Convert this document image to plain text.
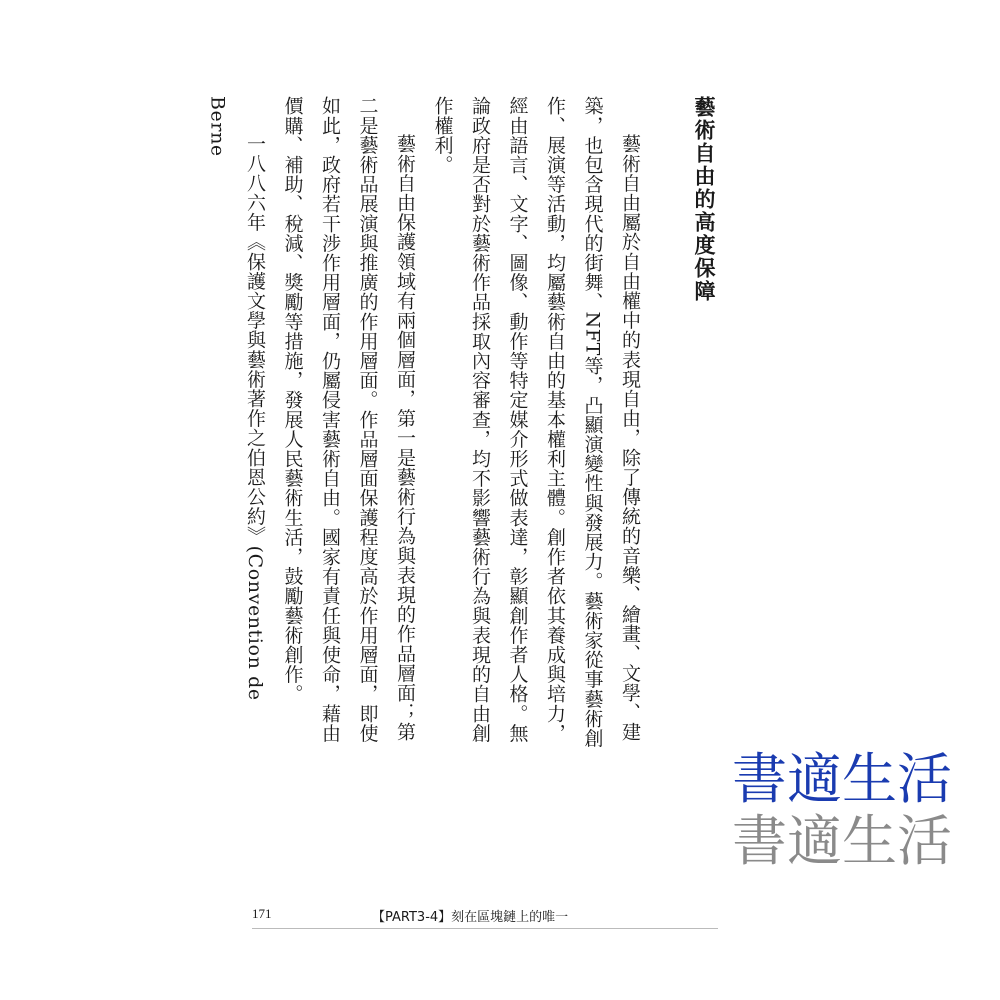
藝術自由的高度保障

藝術自由屬於自由權中的表現自由，除了傳統的音樂、繪畫、文學、建築，也包含現代的街舞、NFT等，凸顯演變性與發展力。藝術家從事藝術創作、展演等活動，均屬藝術自由的基本權利主體。創作者依其養成與培力，經由語言、文字、圖像、動作等特定媒介形式做表達，彰顯創作者人格。無論政府是否對於藝術作品採取內容審查，均不影響藝術行為與表現的自由創作權利。

藝術自由保護領域有兩個層面，第一是藝術行為與表現的作品層面；第二是藝術品展演與推廣的作用層面。作品層面保護程度高於作用層面，即使如此，政府若干涉作用層面，仍屬侵害藝術自由。國家有責任與使命，藉由價購、補助、稅減、獎勵等措施，發展人民藝術生活，鼓勵藝術創作。

一八八六年《保護文學與藝術著作之伯恩公約》(Convention de Berne

書適生活
書適生活
171	【PART3-4】刻在區塊鏈上的唯一
